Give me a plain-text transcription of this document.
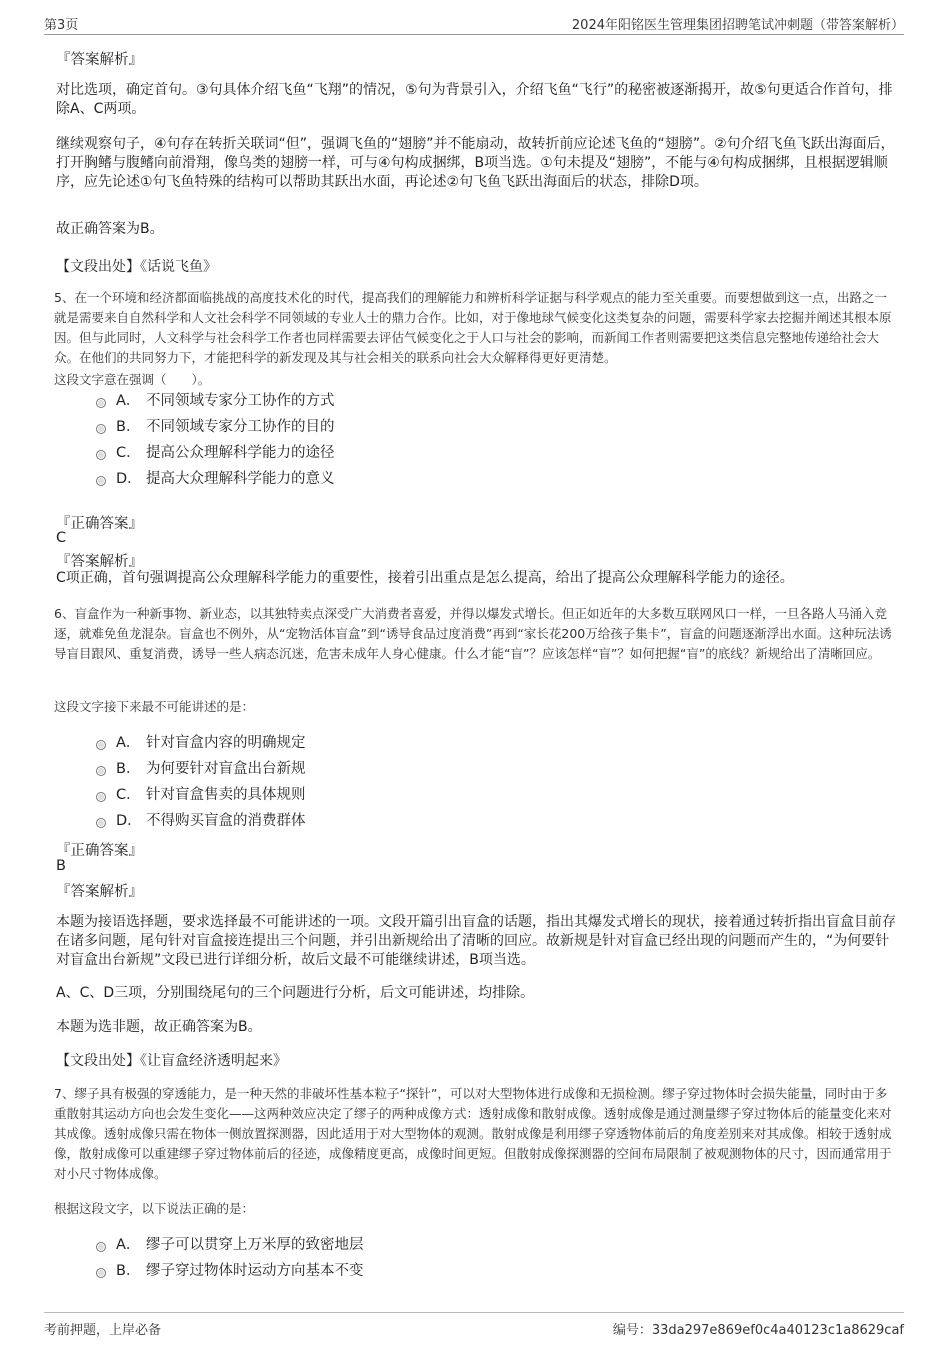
第3页	2024年阳铭医生管理集团招聘笔试冲刺题（带答案解析）
『答案解析』
对比选项，确定首句。③句具体介绍飞鱼“飞翔”的情况，⑤句为背景引入，介绍飞鱼“飞行”的秘密被逐渐揭开，故⑤句更适合作首句，排除A、C两项。
继续观察句子，④句存在转折关联词“但”，强调飞鱼的“翅膀”并不能扇动，故转折前应论述飞鱼的“翅膀”。②句介绍飞鱼飞跃出海面后，打开胸鳍与腹鳍向前滑翔，像鸟类的翅膀一样，可与④句构成捆绑，B项当选。①句未提及“翅膀”，不能与④句构成捆绑，且根据逻辑顺序，应先论述①句飞鱼特殊的结构可以帮助其跃出水面，再论述②句飞鱼飞跃出海面后的状态，排除D项。
故正确答案为B。
【文段出处】《话说飞鱼》
5、在一个环境和经济都面临挑战的高度技术化的时代，提高我们的理解能力和辨析科学证据与科学观点的能力至关重要。而要想做到这一点，出路之一就是需要来自自然科学和人文社会科学不同领域的专业人士的鼎力合作。比如，对于像地球气候变化这类复杂的问题，需要科学家去挖掘并阐述其根本原因。但与此同时，人文科学与社会科学工作者也同样需要去评估气候变化之于人口与社会的影响，而新闻工作者则需要把这类信息完整地传递给社会大众。在他们的共同努力下，才能把科学的新发现及其与社会相关的联系向社会大众解释得更好更清楚。
这段文字意在强调（　　）。
A． 不同领域专家分工协作的方式
B． 不同领域专家分工协作的目的
C． 提高公众理解科学能力的途径
D． 提高大众理解科学能力的意义
『正确答案』
C
『答案解析』
C项正确，首句强调提高公众理解科学能力的重要性，接着引出重点是怎么提高，给出了提高公众理解科学能力的途径。
6、盲盒作为一种新事物、新业态，以其独特卖点深受广大消费者喜爱，并得以爆发式增长。但正如近年的大多数互联网风口一样，一旦各路人马涌入竞逐，就难免鱼龙混杂。盲盒也不例外，从“宠物活体盲盒”到“诱导食品过度消费”再到“家长花200万给孩子集卡”，盲盒的问题逐渐浮出水面。这种玩法诱导盲目跟风、重复消费，诱导一些人病态沉迷，危害未成年人身心健康。什么才能“盲”？应该怎样“盲”？如何把握“盲”的底线？新规给出了清晰回应。
这段文字接下来最不可能讲述的是：
A． 针对盲盒内容的明确规定
B． 为何要针对盲盒出台新规
C． 针对盲盒售卖的具体规则
D． 不得购买盲盒的消费群体
『正确答案』
B
『答案解析』
本题为接语选择题，要求选择最不可能讲述的一项。文段开篇引出盲盒的话题，指出其爆发式增长的现状，接着通过转折指出盲盒目前存在诸多问题，尾句针对盲盒接连提出三个问题，并引出新规给出了清晰的回应。故新规是针对盲盒已经出现的问题而产生的，“为何要针对盲盒出台新规”文段已进行详细分析，故后文最不可能继续讲述，B项当选。
A、C、D三项，分别围绕尾句的三个问题进行分析，后文可能讲述，均排除。
本题为选非题，故正确答案为B。
【文段出处】《让盲盒经济透明起来》
7、缪子具有极强的穿透能力，是一种天然的非破坏性基本粒子“探针”，可以对大型物体进行成像和无损检测。缪子穿过物体时会损失能量，同时由于多重散射其运动方向也会发生变化——这两种效应决定了缪子的两种成像方式：透射成像和散射成像。透射成像是通过测量缪子穿过物体后的能量变化来对其成像。透射成像只需在物体一侧放置探测器，因此适用于对大型物体的观测。散射成像是利用缪子穿透物体前后的角度差别来对其成像。相较于透射成像，散射成像可以重建缪子穿过物体前后的径迹，成像精度更高，成像时间更短。但散射成像探测器的空间布局限制了被观测物体的尺寸，因而通常用于对小尺寸物体成像。
根据这段文字，以下说法正确的是：
A． 缪子可以贯穿上万米厚的致密地层
B． 缪子穿过物体时运动方向基本不变
考前押题，上岸必备	编号：33da297e869ef0c4a40123c1a8629caf
